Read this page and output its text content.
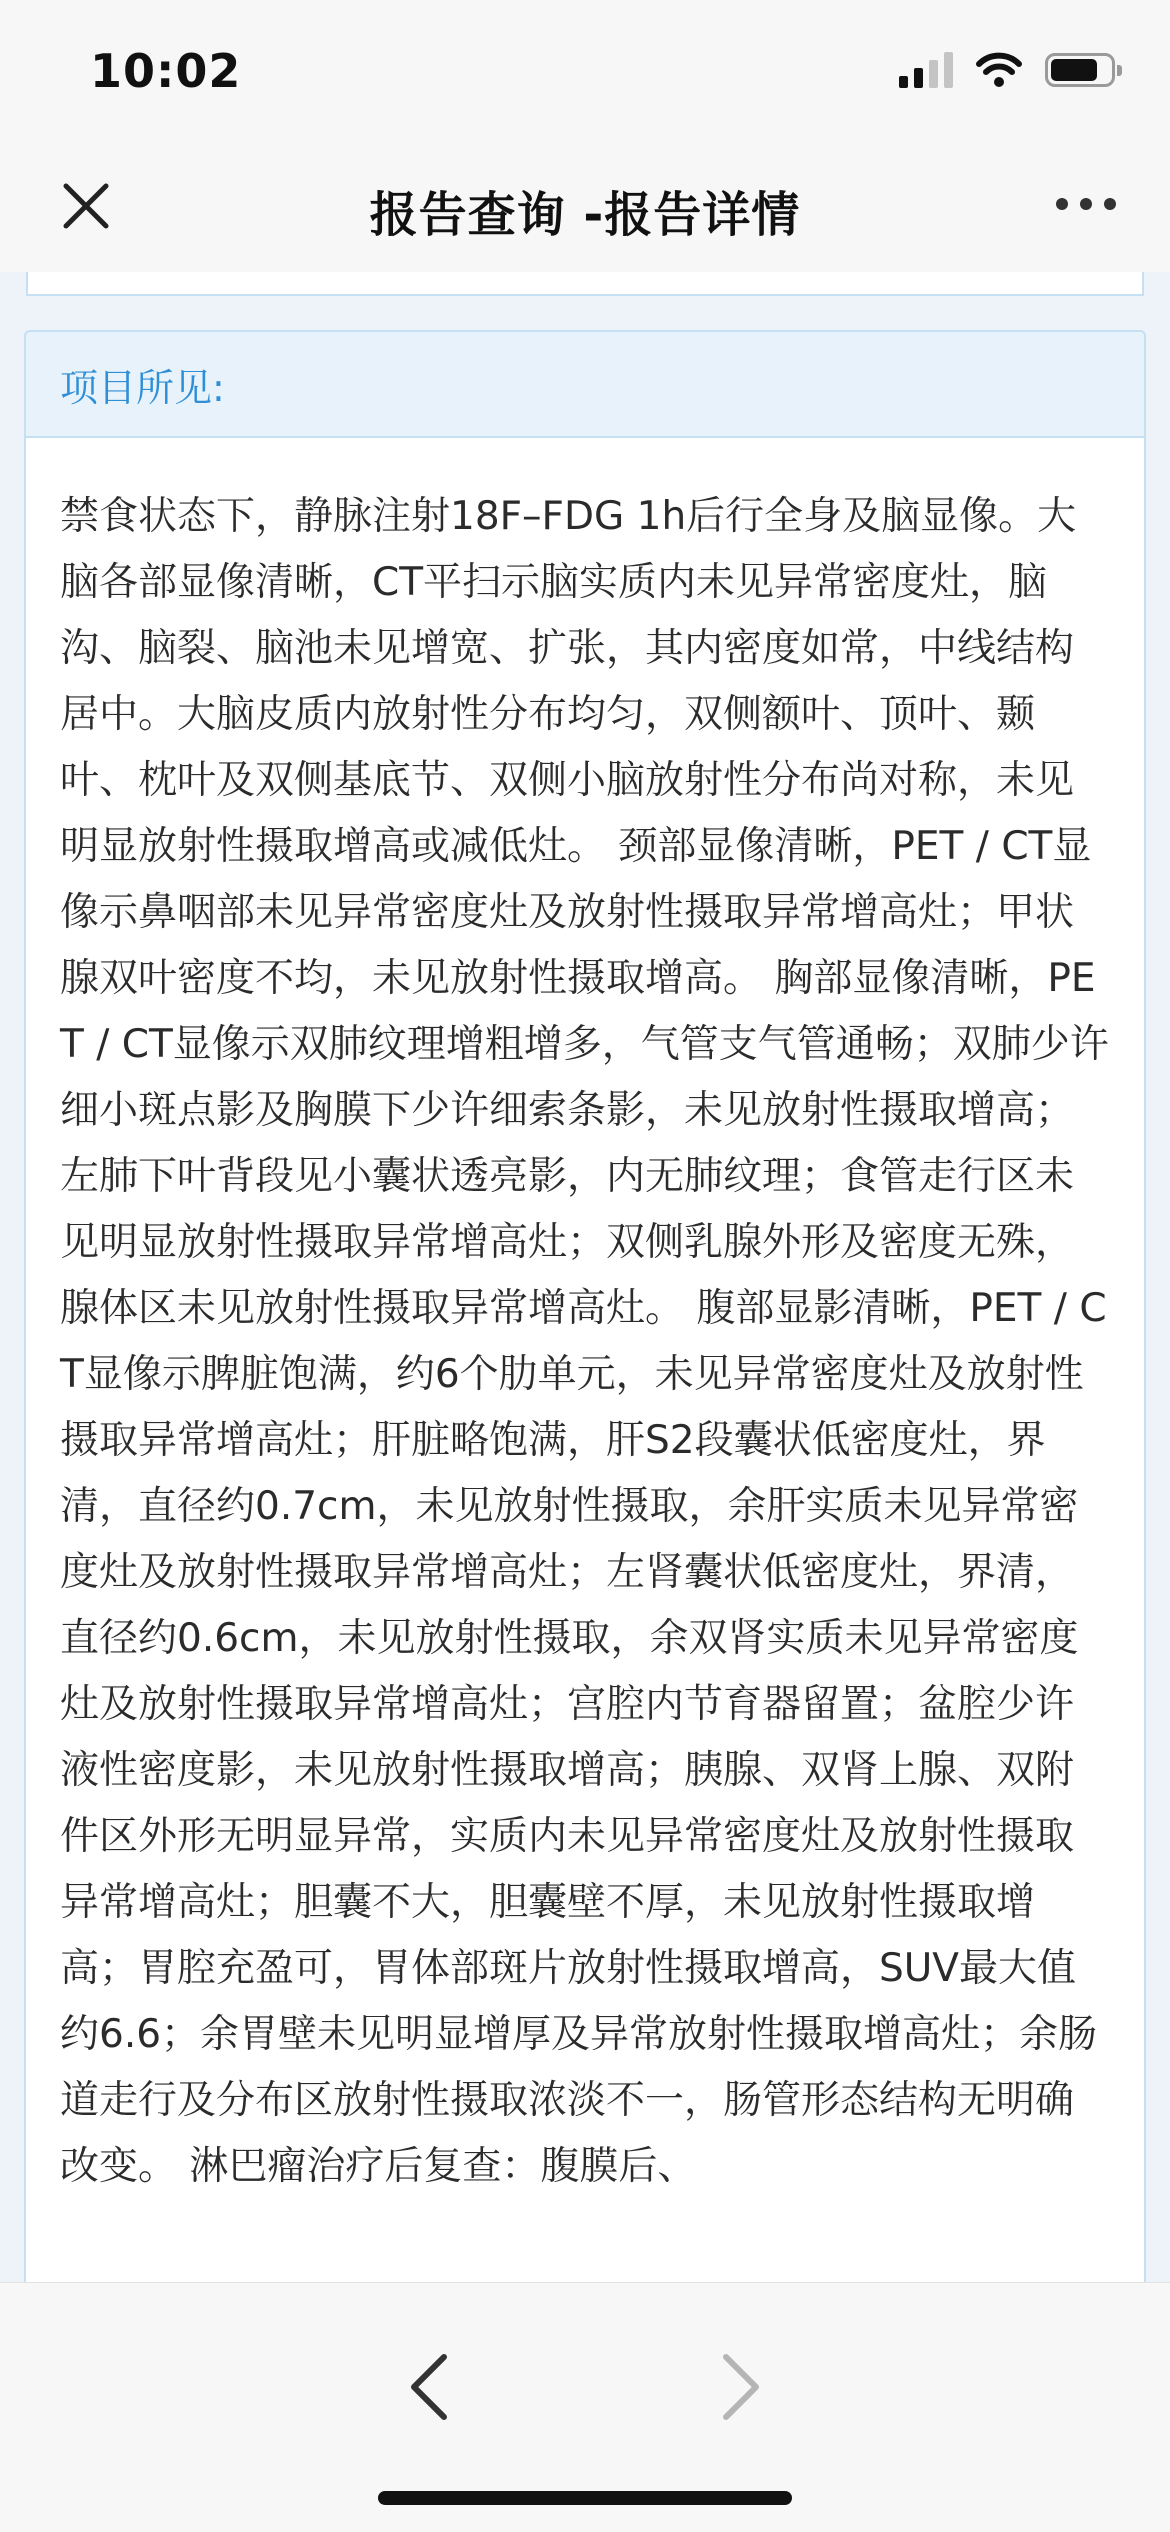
10:02
报告查询 -报告详情
项目所见:

禁食状态下，静脉注射18F–FDG 1h后行全身及脑显像。大脑各部显像清晰，CT平扫示脑实质内未见异常密度灶，脑沟、脑裂、脑池未见增宽、扩张，其内密度如常，中线结构居中。大脑皮质内放射性分布均匀，双侧额叶、顶叶、颞叶、枕叶及双侧基底节、双侧小脑放射性分布尚对称，未见明显放射性摄取增高或减低灶。 颈部显像清晰，PET / CT显像示鼻咽部未见异常密度灶及放射性摄取异常增高灶；甲状腺双叶密度不均，未见放射性摄取增高。 胸部显像清晰，PET / CT显像示双肺纹理增粗增多，气管支气管通畅；双肺少许细小斑点影及胸膜下少许细索条影，未见放射性摄取增高；左肺下叶背段见小囊状透亮影，内无肺纹理；食管走行区未见明显放射性摄取异常增高灶；双侧乳腺外形及密度无殊，腺体区未见放射性摄取异常增高灶。 腹部显影清晰，PET / CT显像示脾脏饱满，约6个肋单元，未见异常密度灶及放射性摄取异常增高灶；肝脏略饱满，肝S2段囊状低密度灶，界清，直径约0.7cm，未见放射性摄取，余肝实质未见异常密度灶及放射性摄取异常增高灶；左肾囊状低密度灶，界清，直径约0.6cm，未见放射性摄取，余双肾实质未见异常密度灶及放射性摄取异常增高灶；宫腔内节育器留置；盆腔少许液性密度影，未见放射性摄取增高；胰腺、双肾上腺、双附件区外形无明显异常，实质内未见异常密度灶及放射性摄取异常增高灶；胆囊不大，胆囊壁不厚，未见放射性摄取增高；胃腔充盈可，胃体部斑片放射性摄取增高，SUV最大值约6.6；余胃壁未见明显增厚及异常放射性摄取增高灶；余肠道走行及分布区放射性摄取浓淡不一，肠管形态结构无明确改变。 淋巴瘤治疗后复查：腹膜后、
